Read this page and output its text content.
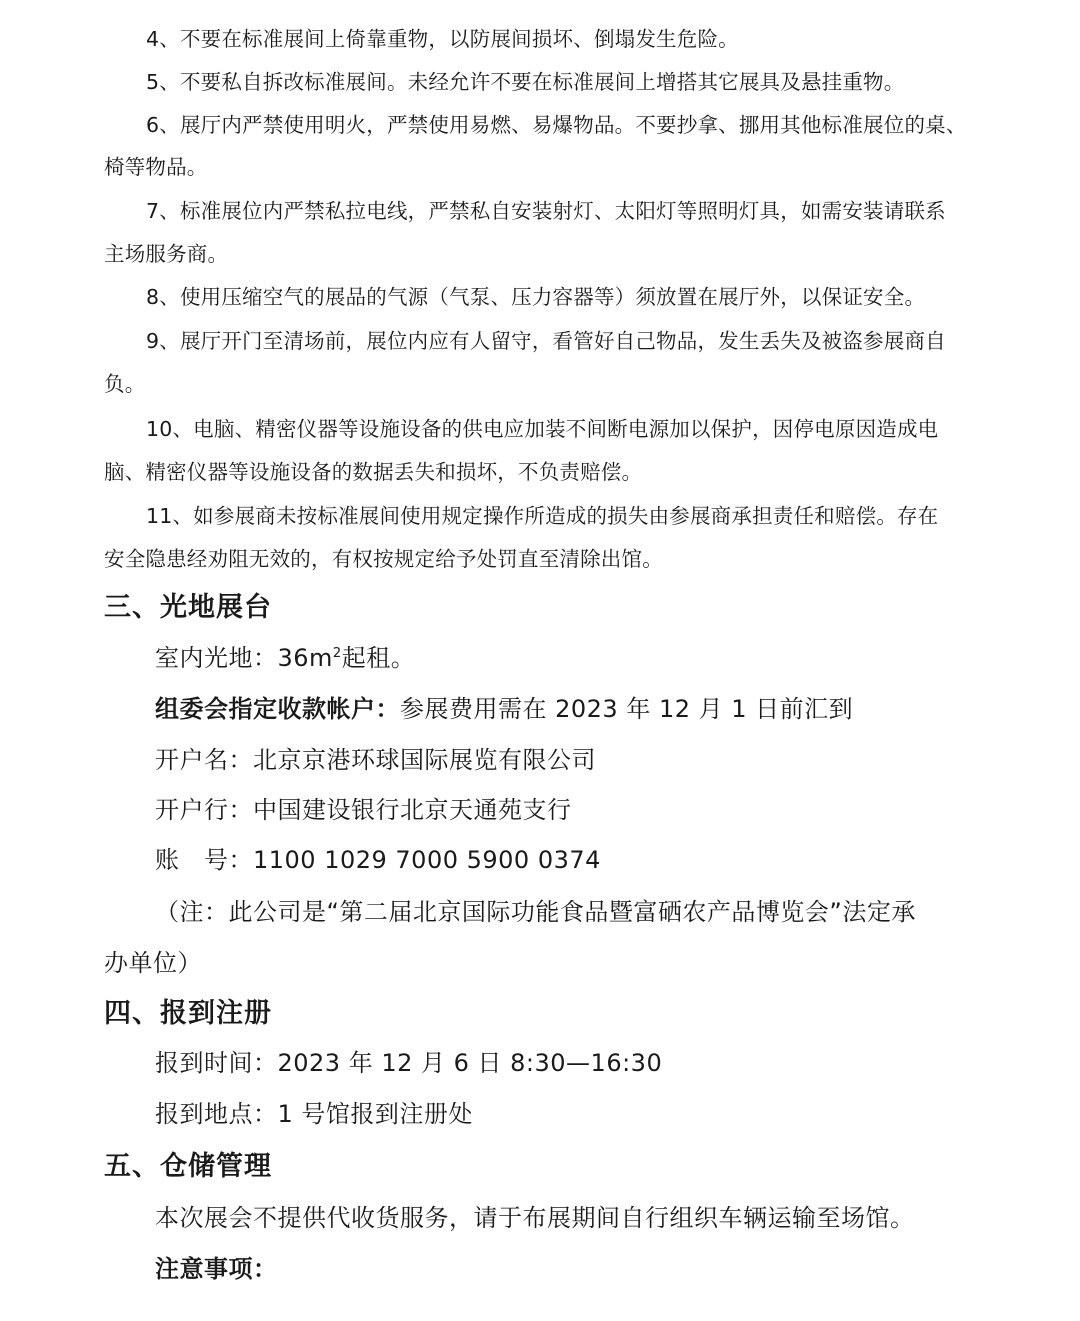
4、不要在标准展间上倚靠重物，以防展间损坏、倒塌发生危险。
5、不要私自拆改标准展间。未经允许不要在标准展间上增搭其它展具及悬挂重物。
6、展厅内严禁使用明火，严禁使用易燃、易爆物品。不要抄拿、挪用其他标准展位的桌、
椅等物品。
7、标准展位内严禁私拉电线，严禁私自安装射灯、太阳灯等照明灯具，如需安装请联系
主场服务商。
8、使用压缩空气的展品的气源（气泵、压力容器等）须放置在展厅外，以保证安全。
9、展厅开门至清场前，展位内应有人留守，看管好自己物品，发生丢失及被盗参展商自
负。
10、电脑、精密仪器等设施设备的供电应加装不间断电源加以保护，因停电原因造成电
脑、精密仪器等设施设备的数据丢失和损坏，不负责赔偿。
11、如参展商未按标准展间使用规定操作所造成的损失由参展商承担责任和赔偿。存在
安全隐患经劝阻无效的，有权按规定给予处罚直至清除出馆。
三、光地展台
室内光地：$36m^2$起租。
组委会指定收款帐户：参展费用需在 2023 年 12 月 1 日前汇到
开户名：北京京港环球国际展览有限公司
开户行：中国建设银行北京天通苑支行
账　号：1100 1029 7000 5900 0374
（注：此公司是“第二届北京国际功能食品暨富硒农产品博览会”法定承
办单位）
四、报到注册
报到时间：2023 年 12 月 6 日 8:30—16:30
报到地点：1 号馆报到注册处
五、仓储管理
本次展会不提供代收货服务，请于布展期间自行组织车辆运输至场馆。
注意事项：
